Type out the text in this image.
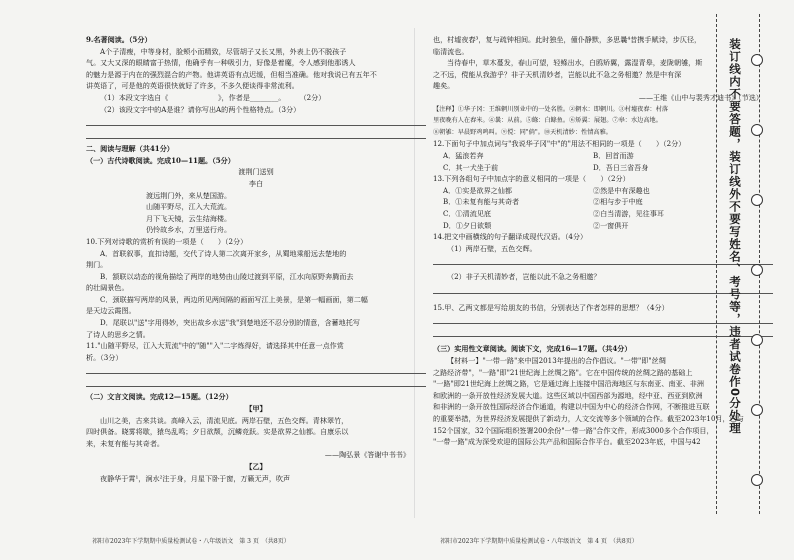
9.名著阅读。（5分）
A个子清瘦，中等身材，脸颊小而精致，尽管胡子又长又黑，外表上仍不脱孩子
气。又大又深的眼睛富于热情，他确乎有一种吸引力，好像是着魔，令人感到他那诱人
的魅力是源于内在的强烈混合的产物。他讲英语有点迟缓，但相当准确。他对我说已有五年不
讲英语了，可是他的英语很快就好了许多，不多久便谈得非常流利。
（1）本段文字选自《　　　　　　　》，作者是________。　　　（2分）
（2）该段文字中的A是谁？请你写出A的两个性格特点。（3分）
二、阅读与理解（共41分）
（一）古代诗歌阅读。完成10—11题。（5分）
渡荆门送别
李白
渡远荆门外，来从楚国游。
山随平野尽，江入大荒流。
月下飞天镜，云生结海楼。
仍怜故乡水，万里送行舟。
10.下列对诗歌的赏析有误的一项是（　　）（2分）
A．首联叙事，直扣诗题，交代了诗人第二次离开家乡，从蜀地乘船远去楚地的
荆门。
B．颔联以动态的视角描绘了两岸的地势由山陵过渡到平原，江水向原野奔腾而去
的壮阔景色。
C．颈联描写两岸的风景，两边所见两间隔的画面写江上美景，是第一幅画面，第二幅
是天边云霞图。
D．尾联以"送"字用得妙，突出故乡水送"我"到楚地还不忍分别的情意，含蓄地托写
了诗人的思乡之情。
11."山随平野尽，江入大荒流"中的"随""入"二字炼得好，请选择其中任意一点作赏
析。（3分）
（二）文言文阅读。完成12—15题。（12分）
【甲】
山川之美，古来共谈。高峰入云，清流见底。两岸石壁，五色交辉。青林翠竹，
四时俱备。晓雾将歇，猿鸟乱鸣；夕日欲颓，沉鳞竞跃。实是欲界之仙都。自康乐以
来，未复有能与其奇者。
——陶弘景《答谢中书书》
【乙】
夜静华于霄¹，涧水²注于身，月星下卧于窗，万籁无声，吹声
祁阳市2023年下学期期中质量检测试卷・八年级语文　第 3 页　（共8页）
也，村墟夜舂³，复与疏钟相间。此时独坐，僮仆静默，多思曩⁴昔携手赋诗，步仄径，
临清流也。
当待春中，草木蔓发，春山可望，轻鲦出水，白鸥矫翼，露湿青皋，麦陇朝雊，斯
之不远，傥能从我游乎？非子天机清妙者，岂能以此不急之务相邀？然是中有深
趣矣。
——王维《山中与裴秀才迪书》（节选）
【注释】①华子冈：王维辋川别业中的一处名胜。②辋水：即辋川。③村墟夜舂：村落
里夜晚有人在舂米。④曩：从前。⑤鲦：白鲦鱼。⑥矫翼：展翅。⑦皋：水边高地。
⑧朝雊：早晨野鸡鸣叫。⑨傥：同"倘"。⑩天机清妙：性情高雅。
12.下面句子中加点词与"我说华子冈"中"的"用法不相同的一项是（　　）（2分）
A．猛浪若奔	B．回首而游
C．其一犬坐于前	D．吾日三省吾身
13.下列各组句子中加点字的意义相同的一项是（　　）（2分）
A．①实是欲界之仙都	②然是中有深趣也
B．①未复有能与其奇者	②相与步于中庭
C．①清流见底	②白当清游，见往事耳
D．①夕日欲颓	②一窗俱开
14.把文中画横线的句子翻译成现代汉语。（4分）
（1）两岸石壁，五色交辉。
（2）非子天机清妙者，岂能以此不急之务相邀？
15.甲、乙两文都是写给朋友的书信，分别表达了作者怎样的思想？（4分）
（三）实用性文章阅读。阅读下文，完成16—17题。（共4分）
【材料一】"一带一路"来中国2013年提出的合作倡议。"一带"即"丝绸
之路经济带"，"一路"即"21世纪海上丝绸之路"。它在中国传统的丝绸之路的基础上
"一路"即21世纪海上丝绸之路，它是通过海上连接中国沿海地区与东南亚、南亚、非洲
和欧洲的一条开放性经济发展大道。这些区域以中国西部为源地，经中亚、西亚到欧洲
和非洲的一条开放性国际经济合作通道，构建以中国为中心的经济合作网，不断推进互联
的重要举措，为世界经济发展提供了新动力，人文交流等多个领域的合作。截至2023年10月，已与
152个国家，32个国际组织签署200余份"一带一路"合作文件，形成3000多个合作项目，
"一带一路"成为深受欢迎的国际公共产品和国际合作平台。截至2023年底，中国与42
祁阳市2023年下学期期中质量检测试卷・八年级语文　第 4 页　（共8页）
装订线内不要答题，装订线外不要写姓名、考号等，违者试卷作0分处理
